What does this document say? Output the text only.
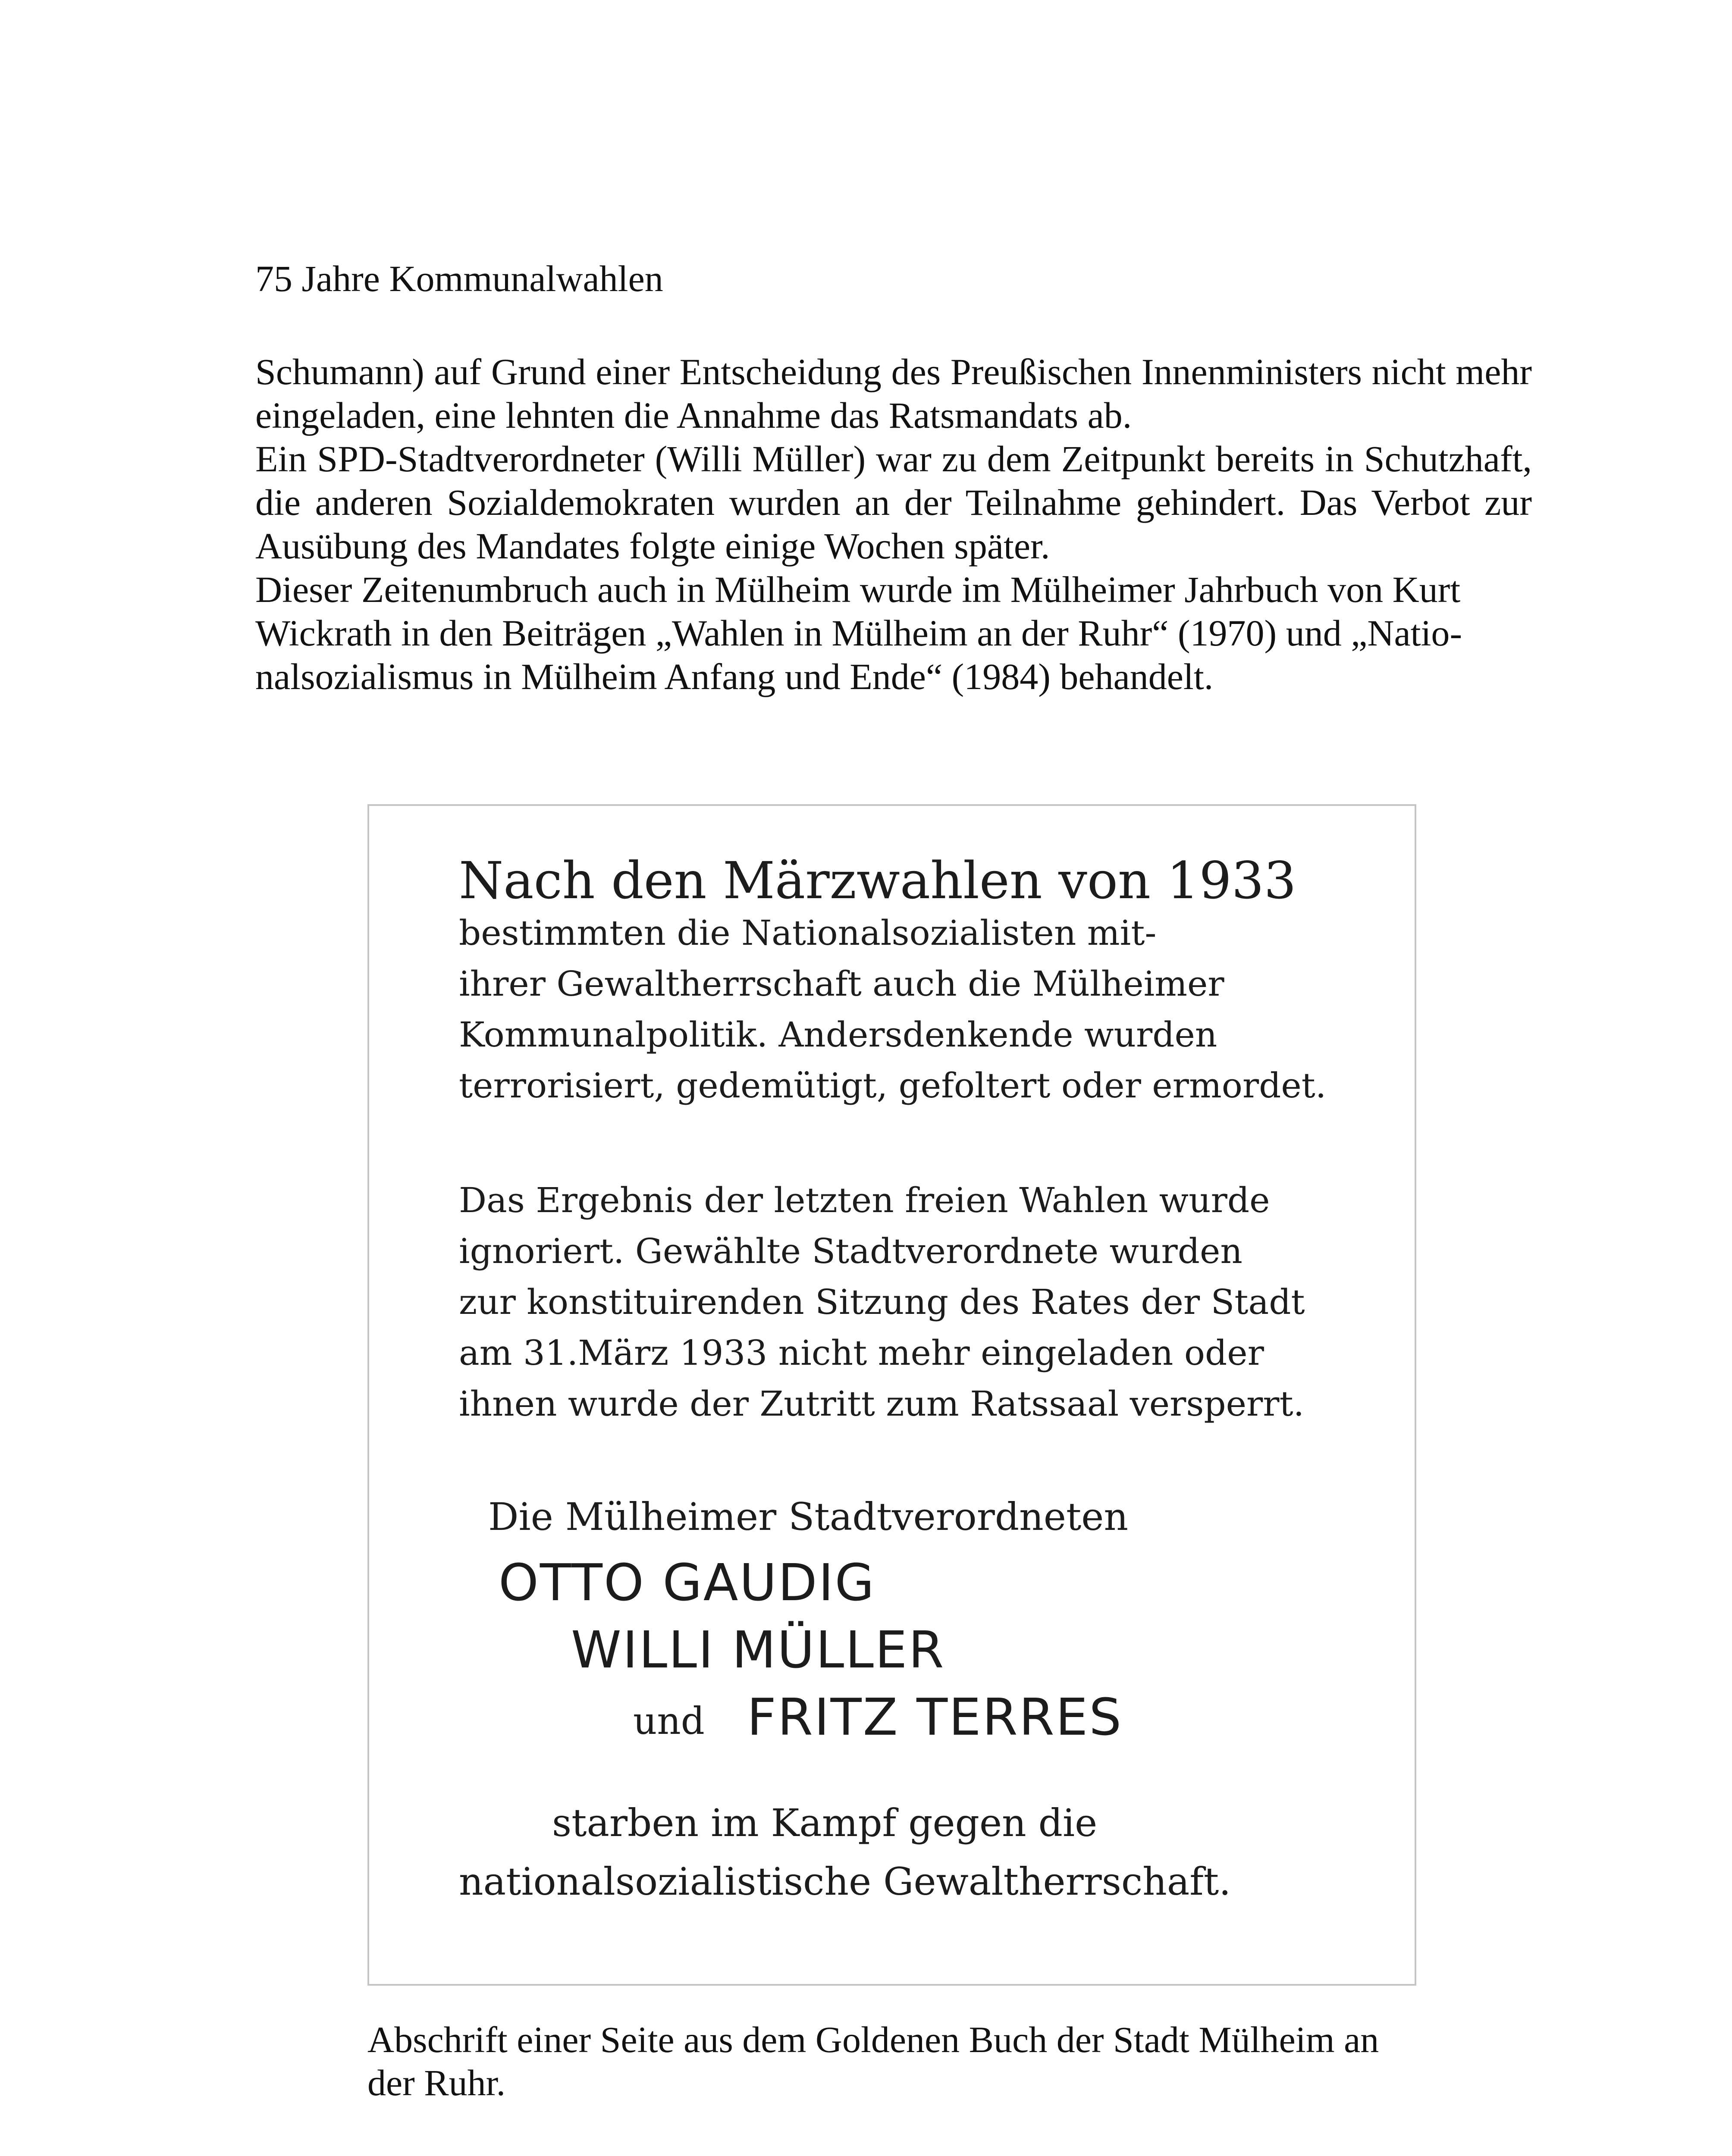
75 Jahre Kommunalwahlen

Schumann) auf Grund einer Entscheidung des Preußischen Innenministers nicht mehr eingeladen, eine lehnten die Annahme das Ratsmandats ab.

Ein SPD-Stadtverordneter (Willi Müller) war zu dem Zeitpunkt bereits in Schutzhaft, die anderen Sozialdemokraten wurden an der Teilnahme gehindert. Das Verbot zur Ausübung des Mandates folgte einige Wochen später.

Dieser Zeitenumbruch auch in Mülheim wurde im Mülheimer Jahrbuch von Kurt Wickrath in den Beiträgen „Wahlen in Mülheim an der Ruhr“ (1970) und „Nationalsozialismus in Mülheim Anfang und Ende“ (1984) behandelt.

Nach den Märzwahlen von 1933
bestimmten die Nationalsozialisten mit-
ihrer Gewaltherrschaft auch die Mülheimer
Kommunalpolitik. Andersdenkende wurden
terrorisiert, gedemütigt, gefoltert oder ermordet.
Das Ergebnis der letzten freien Wahlen wurde
ignoriert. Gewählte Stadtverordnete wurden
zur konstituirenden Sitzung des Rates der Stadt
am 31.März 1933 nicht mehr eingeladen oder
ihnen wurde der Zutritt zum Ratssaal versperrt.
Die Mülheimer Stadtverordneten
OTTO GAUDIG
WILLI MÜLLER
und FRITZ TERRES
starben im Kampf gegen die
nationalsozialistische Gewaltherrschaft.
Abschrift einer Seite aus dem Goldenen Buch der Stadt Mülheim an der Ruhr.
